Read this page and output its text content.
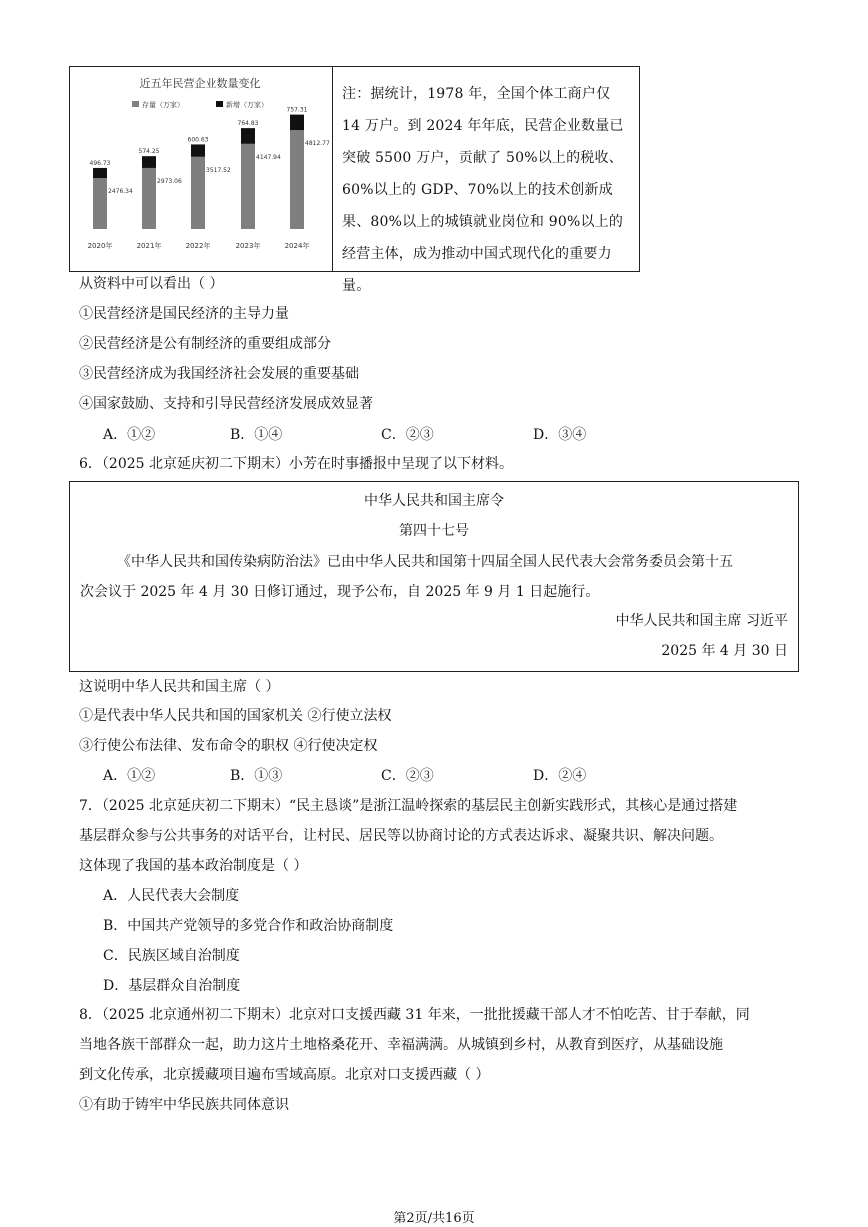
近五年民营企业数量变化
存量（万家）	新增（万家）
2476.34
496.73
2020年
2973.06
574.25
2021年
3517.52
600.63
2022年
4147.94
764.83
2023年
4812.77
757.31
2024年
注：据统计，1978 年，全国个体工商户仅 14 万户。到 2024 年年底，民营企业数量已突破 5500 万户，贡献了 50%以上的税收、60%以上的 GDP、70%以上的技术创新成果、80%以上的城镇就业岗位和 90%以上的经营主体，成为推动中国式现代化的重要力量。
从资料中可以看出（ ）
①民营经济是国民经济的主导力量
②民营经济是公有制经济的重要组成部分
③民营经济成为我国经济社会发展的重要基础
④国家鼓励、支持和引导民营经济发展成效显著
A．①②	B．①④	C．②③	D．③④
6．（2025 北京延庆初二下期末）小芳在时事播报中呈现了以下材料。
中华人民共和国主席令
第四十七号
《中华人民共和国传染病防治法》已由中华人民共和国第十四届全国人民代表大会常务委员会第十五
次会议于 2025 年 4 月 30 日修订通过，现予公布，自 2025 年 9 月 1 日起施行。
中华人民共和国主席 习近平
2025 年 4 月 30 日
这说明中华人民共和国主席（ ）
①是代表中华人民共和国的国家机关 ②行使立法权
③行使公布法律、发布命令的职权 ④行使决定权
A．①②	B．①③	C．②③	D．②④
7．（2025 北京延庆初二下期末）“民主恳谈”是浙江温岭探索的基层民主创新实践形式，其核心是通过搭建
基层群众参与公共事务的对话平台，让村民、居民等以协商讨论的方式表达诉求、凝聚共识、解决问题。
这体现了我国的基本政治制度是（ ）
A．人民代表大会制度
B．中国共产党领导的多党合作和政治协商制度
C．民族区域自治制度
D．基层群众自治制度
8．（2025 北京通州初二下期末）北京对口支援西藏 31 年来，一批批援藏干部人才不怕吃苦、甘于奉献，同
当地各族干部群众一起，助力这片土地格桑花开、幸福满满。从城镇到乡村，从教育到医疗，从基础设施
到文化传承，北京援藏项目遍布雪域高原。北京对口支援西藏（ ）
①有助于铸牢中华民族共同体意识
第2页/共16页
